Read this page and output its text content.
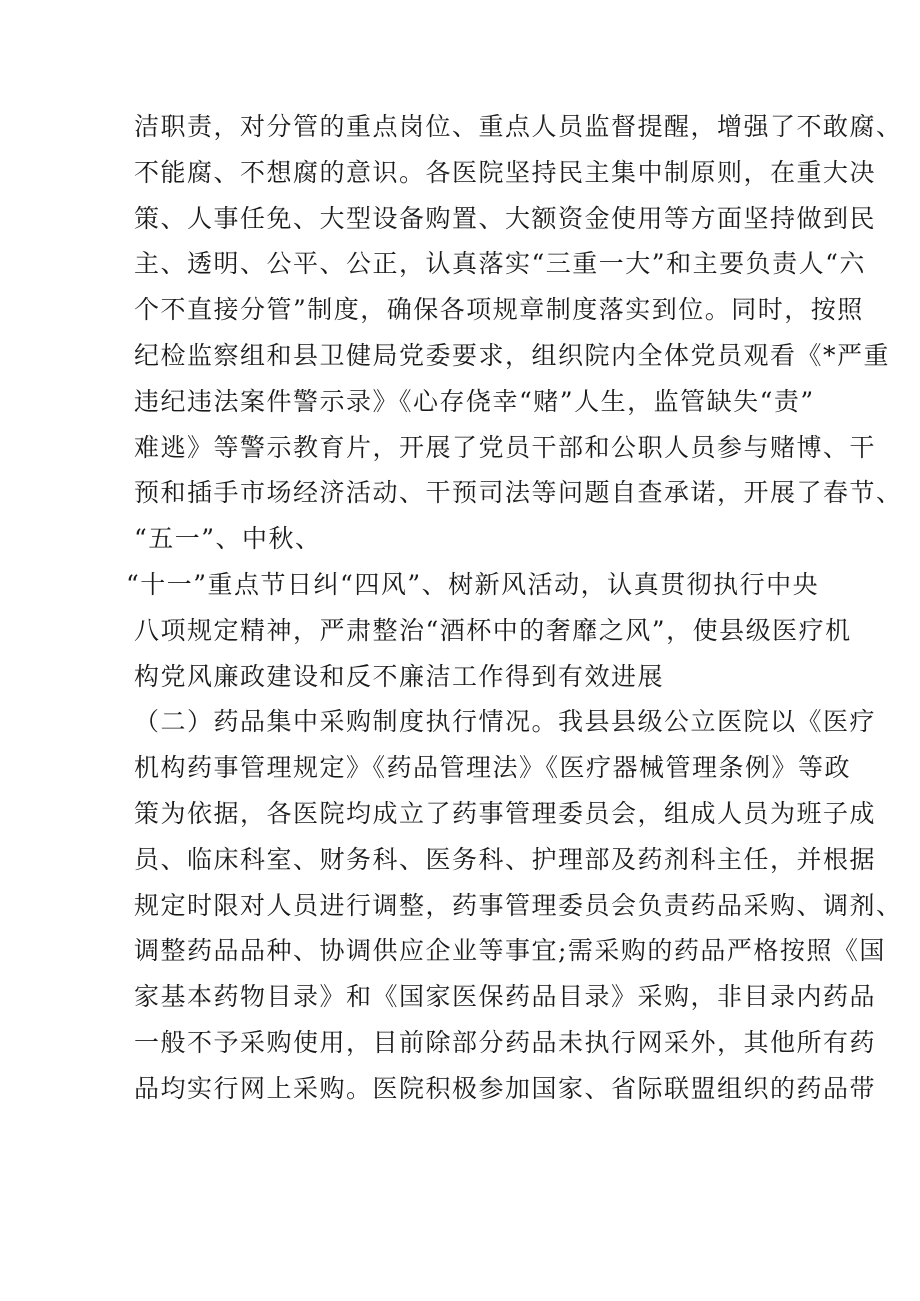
洁职责，对分管的重点岗位、重点人员监督提醒，增强了不敢腐、
不能腐、不想腐的意识。各医院坚持民主集中制原则，在重大决
策、人事任免、大型设备购置、大额资金使用等方面坚持做到民
主、透明、公平、公正，认真落实“三重一大”和主要负责人“六
个不直接分管”制度，确保各项规章制度落实到位。同时，按照
纪检监察组和县卫健局党委要求，组织院内全体党员观看《*严重
违纪违法案件警示录》《心存侥幸“赌”人生，监管缺失“责”
难逃》等警示教育片，开展了党员干部和公职人员参与赌博、干
预和插手市场经济活动、干预司法等问题自查承诺，开展了春节、
“五一”、中秋、
“十一”重点节日纠“四风”、树新风活动，认真贯彻执行中央
八项规定精神，严肃整治“酒杯中的奢靡之风”，使县级医疗机
构党风廉政建设和反不廉洁工作得到有效进展
（二）药品集中采购制度执行情况。我县县级公立医院以《医疗
机构药事管理规定》《药品管理法》《医疗器械管理条例》等政
策为依据，各医院均成立了药事管理委员会，组成人员为班子成
员、临床科室、财务科、医务科、护理部及药剂科主任，并根据
规定时限对人员进行调整，药事管理委员会负责药品采购、调剂、
调整药品品种、协调供应企业等事宜;需采购的药品严格按照《国
家基本药物目录》和《国家医保药品目录》采购，非目录内药品
一般不予采购使用，目前除部分药品未执行网采外，其他所有药
品均实行网上采购。医院积极参加国家、省际联盟组织的药品带
